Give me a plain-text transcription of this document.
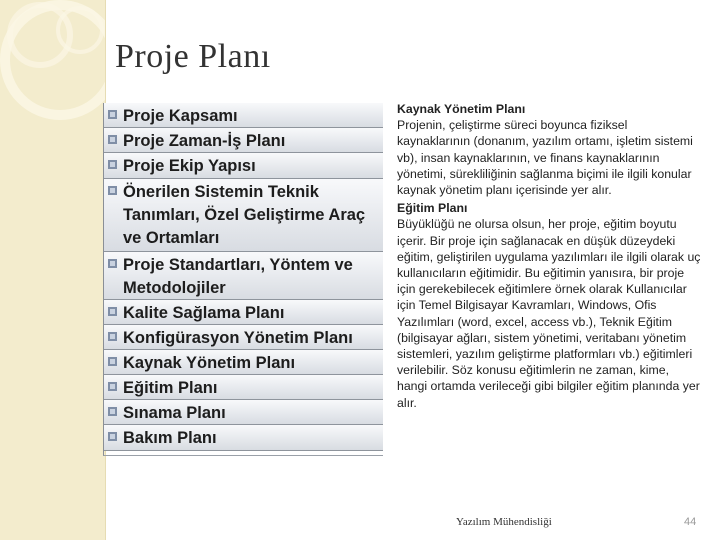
Proje Planı
Proje Kapsamı
Proje Zaman-İş Planı
Proje Ekip Yapısı
Önerilen Sistemin Teknik Tanımları, Özel Geliştirme Araç ve Ortamları
Proje Standartları, Yöntem ve Metodolojiler
Kalite Sağlama Planı
Konfigürasyon Yönetim Planı
Kaynak Yönetim Planı
Eğitim Planı
Sınama Planı
Bakım Planı
Kaynak Yönetim Planı
Projenin, çeliştirme süreci boyunca fiziksel kaynaklarının (donanım, yazılım ortamı, işletim sistemi vb), insan kaynaklarının, ve finans kaynaklarının yönetimi, sürekliliğinin sağlanma biçimi ile ilgili konular kaynak yönetim planı içerisinde yer alır.
Eğitim Planı
Büyüklüğü ne olursa olsun, her proje, eğitim boyutu içerir. Bir proje için sağlanacak en düşük düzeydeki eğitim, geliştirilen uygulama yazılımları ile ilgili olarak uç kullanıcıların eğitimidir. Bu eğitimin yanısıra, bir proje için gerekebilecek eğitimlere örnek olarak Kullanıcılar için Temel Bilgisayar Kavramları, Windows, Ofis Yazılımları (word, excel, access vb.), Teknik Eğitim (bilgisayar ağları, sistem yönetimi, veritabanı yönetim sistemleri, yazılım geliştirme platformları vb.) eğitimleri verilebilir. Söz konusu eğitimlerin ne zaman, kime, hangi ortamda verileceği gibi bilgiler eğitim planında yer alır.
Yazılım Mühendisliği	44
